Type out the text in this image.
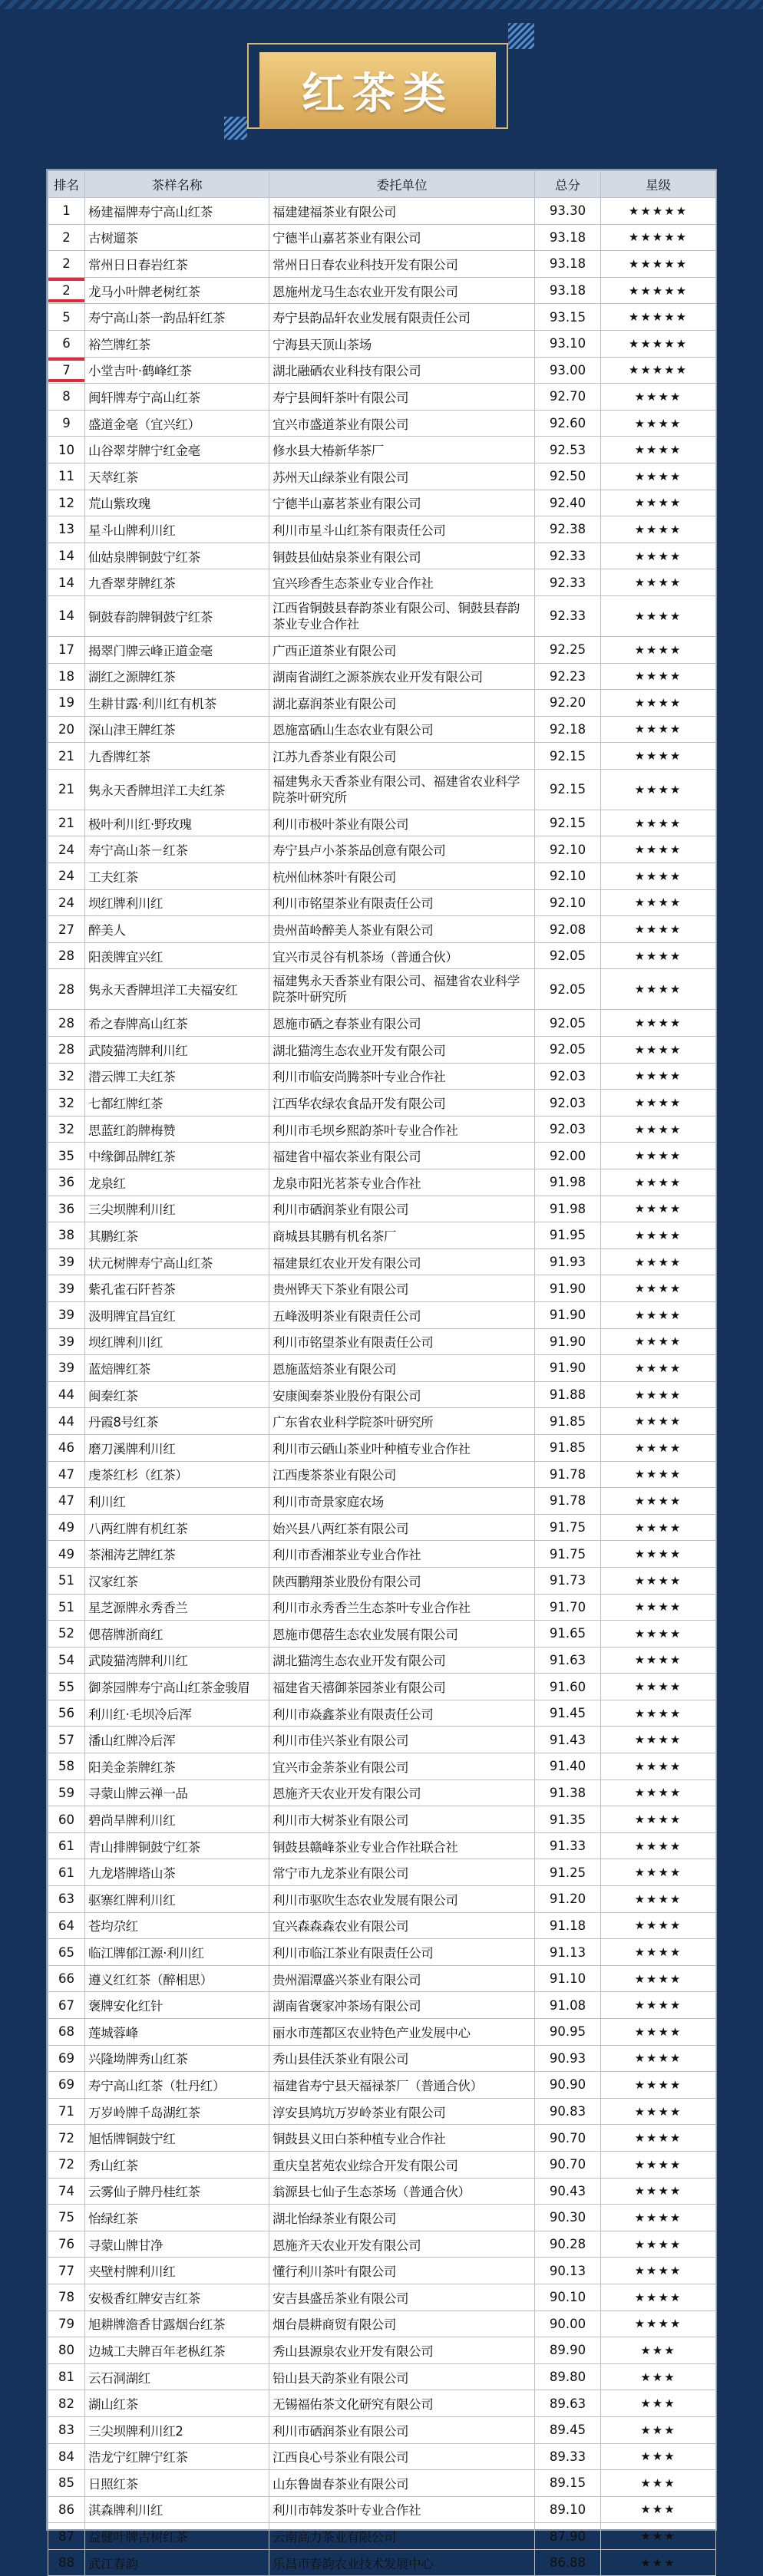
红茶类
排名	茶样名称	委托单位	总分	星级
1	杨建福牌寿宁高山红茶	福建建福茶业有限公司	93.30	★★★★★
2	古树遛茶	宁德半山嘉茗茶业有限公司	93.18	★★★★★
2	常州日日春岩红茶	常州日日春农业科技开发有限公司	93.18	★★★★★
2	龙马小叶牌老树红茶	恩施州龙马生态农业开发有限公司	93.18	★★★★★
5	寿宁高山茶一韵品轩红茶	寿宁县韵品轩农业发展有限责任公司	93.15	★★★★★
6	裕竺牌红茶	宁海县天顶山茶场	93.10	★★★★★
7	小堂吉叶·鹤峰红茶	湖北融硒农业科技有限公司	93.00	★★★★★
8	闽轩牌寿宁高山红茶	寿宁县闽轩茶叶有限公司	92.70	★★★★
9	盛道金毫（宜兴红）	宜兴市盛道茶业有限公司	92.60	★★★★
10	山谷翠芽牌宁红金毫	修水县大椿新华茶厂	92.53	★★★★
11	天萃红茶	苏州天山绿茶业有限公司	92.50	★★★★
12	荒山紫玫瑰	宁德半山嘉茗茶业有限公司	92.40	★★★★
13	星斗山牌利川红	利川市星斗山红茶有限责任公司	92.38	★★★★
14	仙姑泉牌铜鼓宁红茶	铜鼓县仙姑泉茶业有限公司	92.33	★★★★
14	九香翠芽牌红茶	宜兴珍香生态茶业专业合作社	92.33	★★★★
14	铜鼓春韵牌铜鼓宁红茶	江西省铜鼓县春韵茶业有限公司、铜鼓县春韵茶业专业合作社	92.33	★★★★
17	揭翠门牌云峰正道金毫	广西正道茶业有限公司	92.25	★★★★
18	湖红之源牌红茶	湖南省湖红之源茶族农业开发有限公司	92.23	★★★★
19	生耕甘露·利川红有机茶	湖北嘉润茶业有限公司	92.20	★★★★
20	深山津王牌红茶	恩施富硒山生态农业有限公司	92.18	★★★★
21	九香牌红茶	江苏九香茶业有限公司	92.15	★★★★
21	隽永天香牌坦洋工夫红茶	福建隽永天香茶业有限公司、福建省农业科学院茶叶研究所	92.15	★★★★
21	极叶利川红·野玫瑰	利川市极叶茶业有限公司	92.15	★★★★
24	寿宁高山茶－红茶	寿宁县卢小茶茶品创意有限公司	92.10	★★★★
24	工夫红茶	杭州仙林茶叶有限公司	92.10	★★★★
24	坝红牌利川红	利川市铭望茶业有限责任公司	92.10	★★★★
27	醉美人	贵州苗岭醉美人茶业有限公司	92.08	★★★★
28	阳羡牌宜兴红	宜兴市灵谷有机茶场（普通合伙）	92.05	★★★★
28	隽永天香牌坦洋工夫福安红	福建隽永天香茶业有限公司、福建省农业科学院茶叶研究所	92.05	★★★★
28	希之春牌高山红茶	恩施市硒之春茶业有限公司	92.05	★★★★
28	武陵猫湾牌利川红	湖北猫湾生态农业开发有限公司	92.05	★★★★
32	潜云牌工夫红茶	利川市临安尚腾茶叶专业合作社	92.03	★★★★
32	七都红牌红茶	江西华农绿农食品开发有限公司	92.03	★★★★
32	思蓝红韵牌梅赞	利川市毛坝乡熙韵茶叶专业合作社	92.03	★★★★
35	中缘御品牌红茶	福建省中福农茶业有限公司	92.00	★★★★
36	龙泉红	龙泉市阳光茗茶专业合作社	91.98	★★★★
36	三尖坝牌利川红	利川市硒润茶业有限公司	91.98	★★★★
38	其鹏红茶	商城县其鹏有机名茶厂	91.95	★★★★
39	状元树牌寿宁高山红茶	福建景红农业开发有限公司	91.93	★★★★
39	紫孔雀石阡苔茶	贵州铧天下茶业有限公司	91.90	★★★★
39	汲明牌宜昌宜红	五峰汲明茶业有限责任公司	91.90	★★★★
39	坝红牌利川红	利川市铭望茶业有限责任公司	91.90	★★★★
39	蓝焙牌红茶	恩施蓝焙茶业有限公司	91.90	★★★★
44	闽秦红茶	安康闽秦茶业股份有限公司	91.88	★★★★
44	丹霞8号红茶	广东省农业科学院茶叶研究所	91.85	★★★★
46	磨刀溪牌利川红	利川市云硒山茶业叶种植专业合作社	91.85	★★★★
47	虔茶红杉（红茶）	江西虔茶茶业有限公司	91.78	★★★★
47	利川红	利川市奇景家庭农场	91.78	★★★★
49	八两红牌有机红茶	始兴县八两红茶有限公司	91.75	★★★★
49	茶湘涛艺牌红茶	利川市香湘茶业专业合作社	91.75	★★★★
51	汉家红茶	陕西鹏翔茶业股份有限公司	91.73	★★★★
51	星芝源牌永秀香兰	利川市永秀香兰生态茶叶专业合作社	91.70	★★★★
52	偲蓓牌浙商红	恩施市偲蓓生态农业发展有限公司	91.65	★★★★
54	武陵猫湾牌利川红	湖北猫湾生态农业开发有限公司	91.63	★★★★
55	御茶园牌寿宁高山红茶金骏眉	福建省天禧御茶园茶业有限公司	91.60	★★★★
56	利川红·毛坝冷后浑	利川市焱鑫茶业有限责任公司	91.45	★★★★
57	潘山红牌冷后浑	利川市佳兴茶业有限公司	91.43	★★★★
58	阳美金荼牌红茶	宜兴市金荼茶业有限公司	91.40	★★★★
59	寻蒙山牌云禅一品	恩施齐天农业开发有限公司	91.38	★★★★
60	碧尚旱牌利川红	利川市大树茶业有限公司	91.35	★★★★
61	青山排牌铜鼓宁红茶	铜鼓县赣峰茶业专业合作社联合社	91.33	★★★★
61	九龙塔牌塔山茶	常宁市九龙茶业有限公司	91.25	★★★★
63	驱寨红牌利川红	利川市驱吹生态农业发展有限公司	91.20	★★★★
64	苍均尕红	宜兴森森森农业有限公司	91.18	★★★★
65	临江牌郁江源·利川红	利川市临江茶业有限责任公司	91.13	★★★★
66	遵义红红茶（醉相思）	贵州湄潭盛兴茶业有限公司	91.10	★★★★
67	褒牌安化红针	湖南省褒家冲茶场有限公司	91.08	★★★★
68	莲城蓉峰	丽水市莲都区农业特色产业发展中心	90.95	★★★★
69	兴隆坳牌秀山红茶	秀山县佳沃茶业有限公司	90.93	★★★★
69	寿宁高山红茶（牡丹红）	福建省寿宁县天福禄茶厂（普通合伙）	90.90	★★★★
71	万岁岭牌千岛湖红茶	淳安县鸠坑万岁岭茶业有限公司	90.83	★★★★
72	旭恬牌铜鼓宁红	铜鼓县义田白茶种植专业合作社	90.70	★★★★
72	秀山红茶	重庆皇茗苑农业综合开发有限公司	90.70	★★★★
74	云雾仙子牌丹桂红茶	翁源县七仙子生态茶场（普通合伙）	90.43	★★★★
75	怡绿红茶	湖北怡绿茶业有限公司	90.30	★★★★
76	寻蒙山牌甘净	恩施齐天农业开发有限公司	90.28	★★★★
77	夹壁村牌利川红	懂行利川茶叶有限公司	90.13	★★★★
78	安极香红牌安吉红茶	安吉县盛岳茶业有限公司	90.10	★★★★
79	旭耕牌澹香甘露烟台红茶	烟台晨耕商贸有限公司	90.00	★★★★
80	边城工夫牌百年老枞红茶	秀山县源泉农业开发有限公司	89.90	★★★
81	云石洞湖红	铅山县天韵茶业有限公司	89.80	★★★
82	湖山红茶	无锡福佑茶文化研究有限公司	89.63	★★★
83	三尖坝牌利川红2	利川市硒润茶业有限公司	89.45	★★★
84	浩龙宁红牌宁红茶	江西良心号茶业有限公司	89.33	★★★
85	日照红茶	山东鲁崮春茶业有限公司	89.15	★★★
86	淇森牌利川红	利川市韩发茶叶专业合作社	89.10	★★★
87	益健叶牌古树红茶	云南高力茶业有限公司	87.90	★★★
88	武江春韵	乐昌市春韵农业技术发展中心	86.88	★★★
